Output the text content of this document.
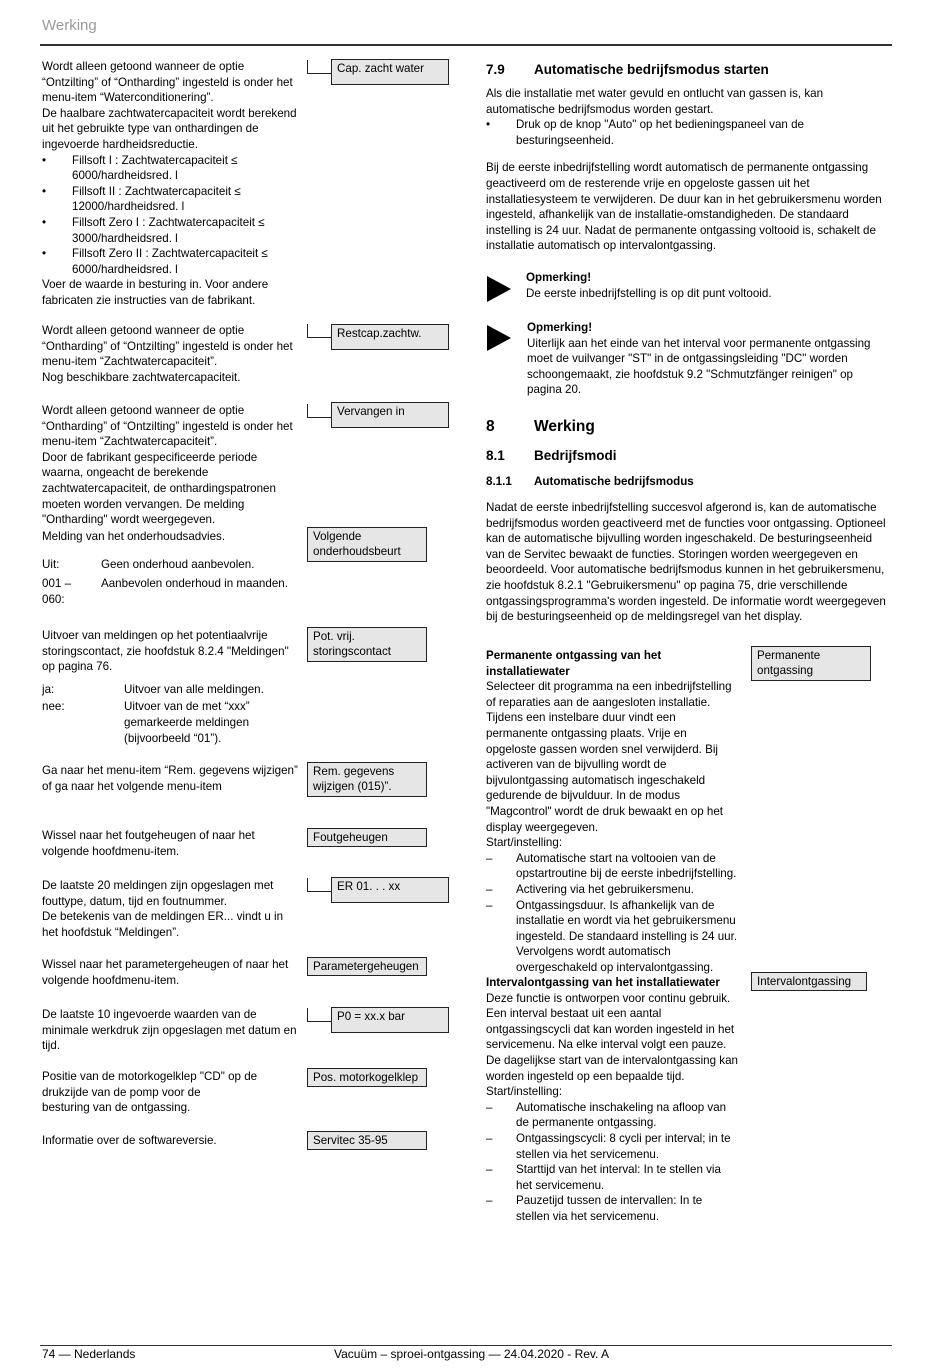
Werking
74 — Nederlands	Vacuüm – sproei-ontgassing — 24.04.2020 - Rev. A

Wordt alleen getoond wanneer de optie “Ontzilting” of “Ontharding” ingesteld is onder het menu-item “Waterconditionering”.

De haalbare zachtwatercapaciteit wordt berekend uit het gebruikte type van onthardingen de ingevoerde hardheidsreductie.

• Fillsoft I : Zachtwatercapaciteit ≤ 6000/hardheidsred. l
• Fillsoft II : Zachtwatercapaciteit ≤ 12000/hardheidsred. l
• Fillsoft Zero I : Zachtwatercapaciteit ≤ 3000/hardheidsred. l
• Fillsoft Zero II : Zachtwatercapaciteit ≤ 6000/hardheidsred. l

Voer de waarde in besturing in. Voor andere fabricaten zie instructies van de fabrikant.

Cap. zacht water

Wordt alleen getoond wanneer de optie “Ontharding” of “Ontzilting” ingesteld is onder het menu-item “Zachtwatercapaciteit”.

Nog beschikbare zachtwatercapaciteit.

Restcap.zachtw.

Wordt alleen getoond wanneer de optie “Ontharding” of “Ontzilting” ingesteld is onder het menu-item “Zachtwatercapaciteit”.

Door de fabrikant gespecificeerde periode waarna, ongeacht de berekende zachtwatercapaciteit, de onthardingspatronen moeten worden vervangen. De melding "Ontharding" wordt weergegeven.

Vervangen in

Melding van het onderhoudsadvies.

Uit:	Geen onderhoud aanbevolen.
001 – 060:
Aanbevolen onderhoud in maanden.
Volgende onderhoudsbeurt

Uitvoer van meldingen op het potentiaalvrije storingscontact, zie hoofdstuk 8.2.4 "Meldingen" op pagina 76.

ja:	Uitvoer van alle meldingen.
nee:	Uitvoer van de met “xxx” gemarkeerde meldingen (bijvoorbeeld “01”).
Pot. vrij. storingscontact

Ga naar het menu-item “Rem. gegevens wijzigen” of ga naar het volgende menu-item

Rem. gegevens wijzigen (015)”.

Wissel naar het foutgeheugen of naar het volgende hoofdmenu-item.

Foutgeheugen

De laatste 20 meldingen zijn opgeslagen met fouttype, datum, tijd en foutnummer.

De betekenis van de meldingen ER... vindt u in het hoofdstuk “Meldingen”.

ER 01. . . xx

Wissel naar het parametergeheugen of naar het volgende hoofdmenu-item.

Parametergeheugen

De laatste 10 ingevoerde waarden van de minimale werkdruk zijn opgeslagen met datum en tijd.

P0 = xx.x bar

Positie van de motorkogelklep "CD" op de drukzijde van de pomp voor de

besturing van de ontgassing.

Pos. motorkogelklep

Informatie over de softwareversie.	Servitec 35-95
7.9 Automatische bedrijfsmodus starten

Als die installatie met water gevuld en ontlucht van gassen is, kan automatische bedrijfsmodus worden gestart.

• Druk op de knop "Auto" op het bedieningspaneel van de besturingseenheid.

Bij de eerste inbedrijfstelling wordt automatisch de permanente ontgassing geactiveerd om de resterende vrije en opgeloste gassen uit het installatiesysteem te verwijderen. De duur kan in het gebruikersmenu worden ingesteld, afhankelijk van de installatie-omstandigheden. De standaard instelling is 24 uur. Nadat de permanente ontgassing voltooid is, schakelt de installatie automatisch op intervalontgassing.

Opmerking!

De eerste inbedrijfstelling is op dit punt voltooid.

Opmerking!

Uiterlijk aan het einde van het interval voor permanente ontgassing moet de vuilvanger "ST" in de ontgassingsleiding "DC" worden schoongemaakt, zie hoofdstuk 9.2 "Schmutzfänger reinigen" op pagina 20.

8	Werking
8.1 Bedrijfsmodi
8.1.1 Automatische bedrijfsmodus

Nadat de eerste inbedrijfstelling succesvol afgerond is, kan de automatische bedrijfsmodus worden geactiveerd met de functies voor ontgassing. Optioneel kan de automatische bijvulling worden ingeschakeld. De besturingseenheid van de Servitec bewaakt de functies. Storingen worden weergegeven en beoordeeld. Voor automatische bedrijfsmodus kunnen in het gebruikersmenu, zie hoofdstuk 8.2.1 "Gebruikersmenu" op pagina 75, drie verschillende ontgassingsprogramma's worden ingesteld. De informatie wordt weergegeven bij de besturingseenheid op de meldingsregel van het display.

Permanente ontgassing van het installatiewater

Selecteer dit programma na een inbedrijfstelling of reparaties aan de aangesloten installatie. Tijdens een instelbare duur vindt een permanente ontgassing plaats. Vrije en opgeloste gassen worden snel verwijderd. Bij activeren van de bijvulling wordt de bijvulontgassing automatisch ingeschakeld gedurende de bijvulduur. In de modus "Magcontrol" wordt de druk bewaakt en op het display weergegeven.

Start/instelling:

– Automatische start na voltooien van de opstartroutine bij de eerste inbedrijfstelling.
– Activering via het gebruikersmenu.
– Ontgassingsduur. Is afhankelijk van de installatie en wordt via het gebruikersmenu ingesteld. De standaard instelling is 24 uur. Vervolgens wordt automatisch overgeschakeld op intervalontgassing.
Permanente ontgassing

Intervalontgassing van het installatiewater

Deze functie is ontworpen voor continu gebruik.

Een interval bestaat uit een aantal ontgassingscycli dat kan worden ingesteld in het servicemenu. Na elke interval volgt een pauze. De dagelijkse start van de intervalontgassing kan worden ingesteld op een bepaalde tijd.

Start/instelling:

– Automatische inschakeling na afloop van de permanente ontgassing.
– Ontgassingscycli: 8 cycli per interval; in te stellen via het servicemenu.
– Starttijd van het interval: In te stellen via het servicemenu.
– Pauzetijd tussen de intervallen: In te stellen via het servicemenu.
Intervalontgassing
